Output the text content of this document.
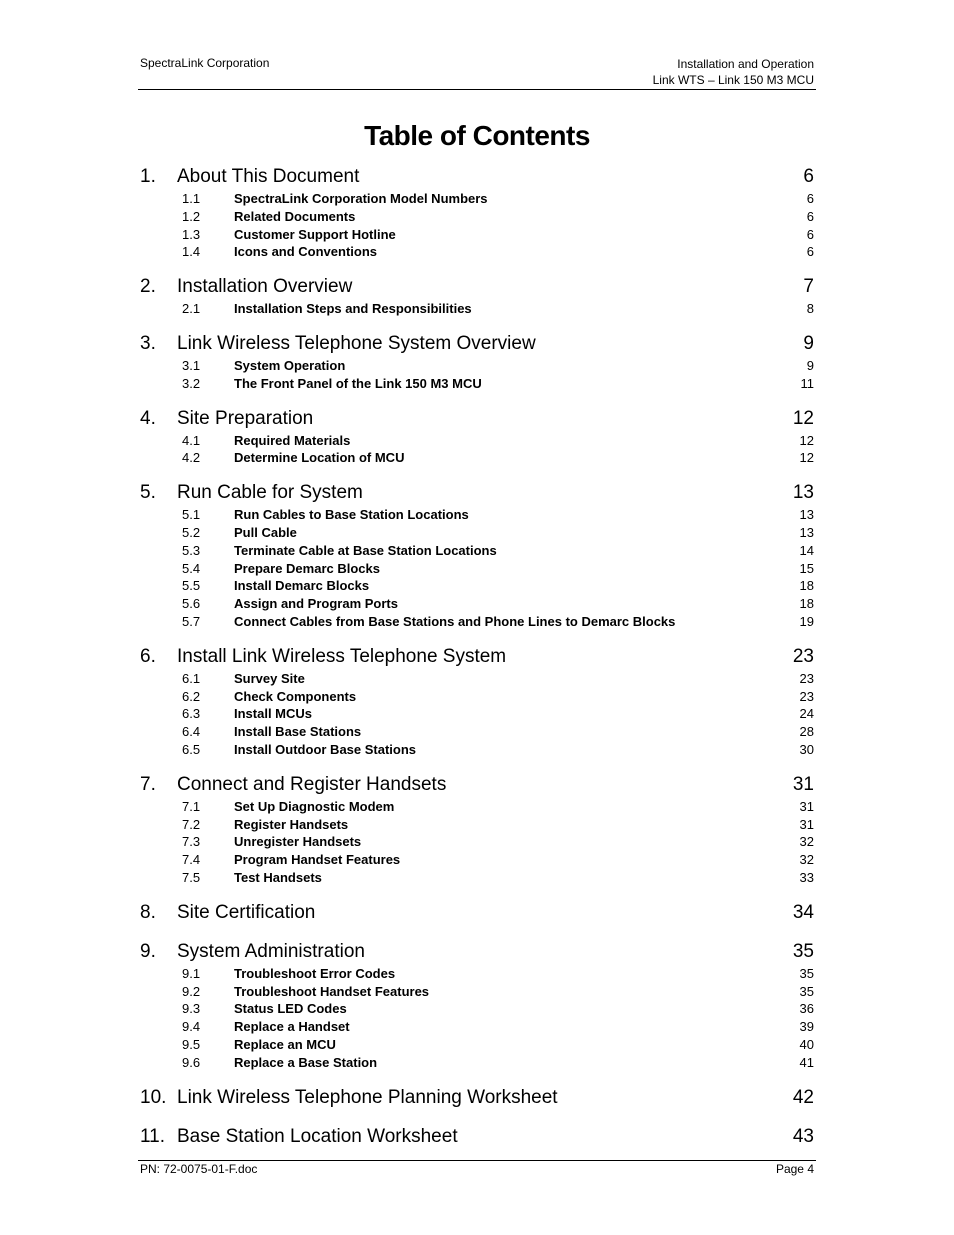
SpectraLink Corporation	Installation and Operation
Link WTS – Link 150 M3 MCU
Table of Contents
1.	About This Document	6
1.1	SpectraLink Corporation Model Numbers	6
1.2	Related Documents	6
1.3	Customer Support Hotline	6
1.4	Icons and Conventions	6
2.	Installation Overview	7
2.1	Installation Steps and Responsibilities	8
3.	Link Wireless Telephone System Overview	9
3.1	System Operation	9
3.2	The Front Panel of the Link 150 M3 MCU	11
4.	Site Preparation	12
4.1	Required Materials	12
4.2	Determine Location of MCU	12
5.	Run Cable for System	13
5.1	Run Cables to Base Station Locations	13
5.2	Pull Cable	13
5.3	Terminate Cable at Base Station Locations	14
5.4	Prepare Demarc Blocks	15
5.5	Install Demarc Blocks	18
5.6	Assign and Program Ports	18
5.7	Connect Cables from Base Stations and Phone Lines to Demarc Blocks	19
6.	Install Link Wireless Telephone System	23
6.1	Survey Site	23
6.2	Check Components	23
6.3	Install MCUs	24
6.4	Install Base Stations	28
6.5	Install Outdoor Base Stations	30
7.	Connect and Register Handsets	31
7.1	Set Up Diagnostic Modem	31
7.2	Register Handsets	31
7.3	Unregister Handsets	32
7.4	Program Handset Features	32
7.5	Test Handsets	33
8.	Site Certification	34
9.	System Administration	35
9.1	Troubleshoot Error Codes	35
9.2	Troubleshoot Handset Features	35
9.3	Status LED Codes	36
9.4	Replace a Handset	39
9.5	Replace an MCU	40
9.6	Replace a Base Station	41
10. Link Wireless Telephone Planning Worksheet	42
11. Base Station Location Worksheet	43
PN: 72-0075-01-F.doc	Page 4
